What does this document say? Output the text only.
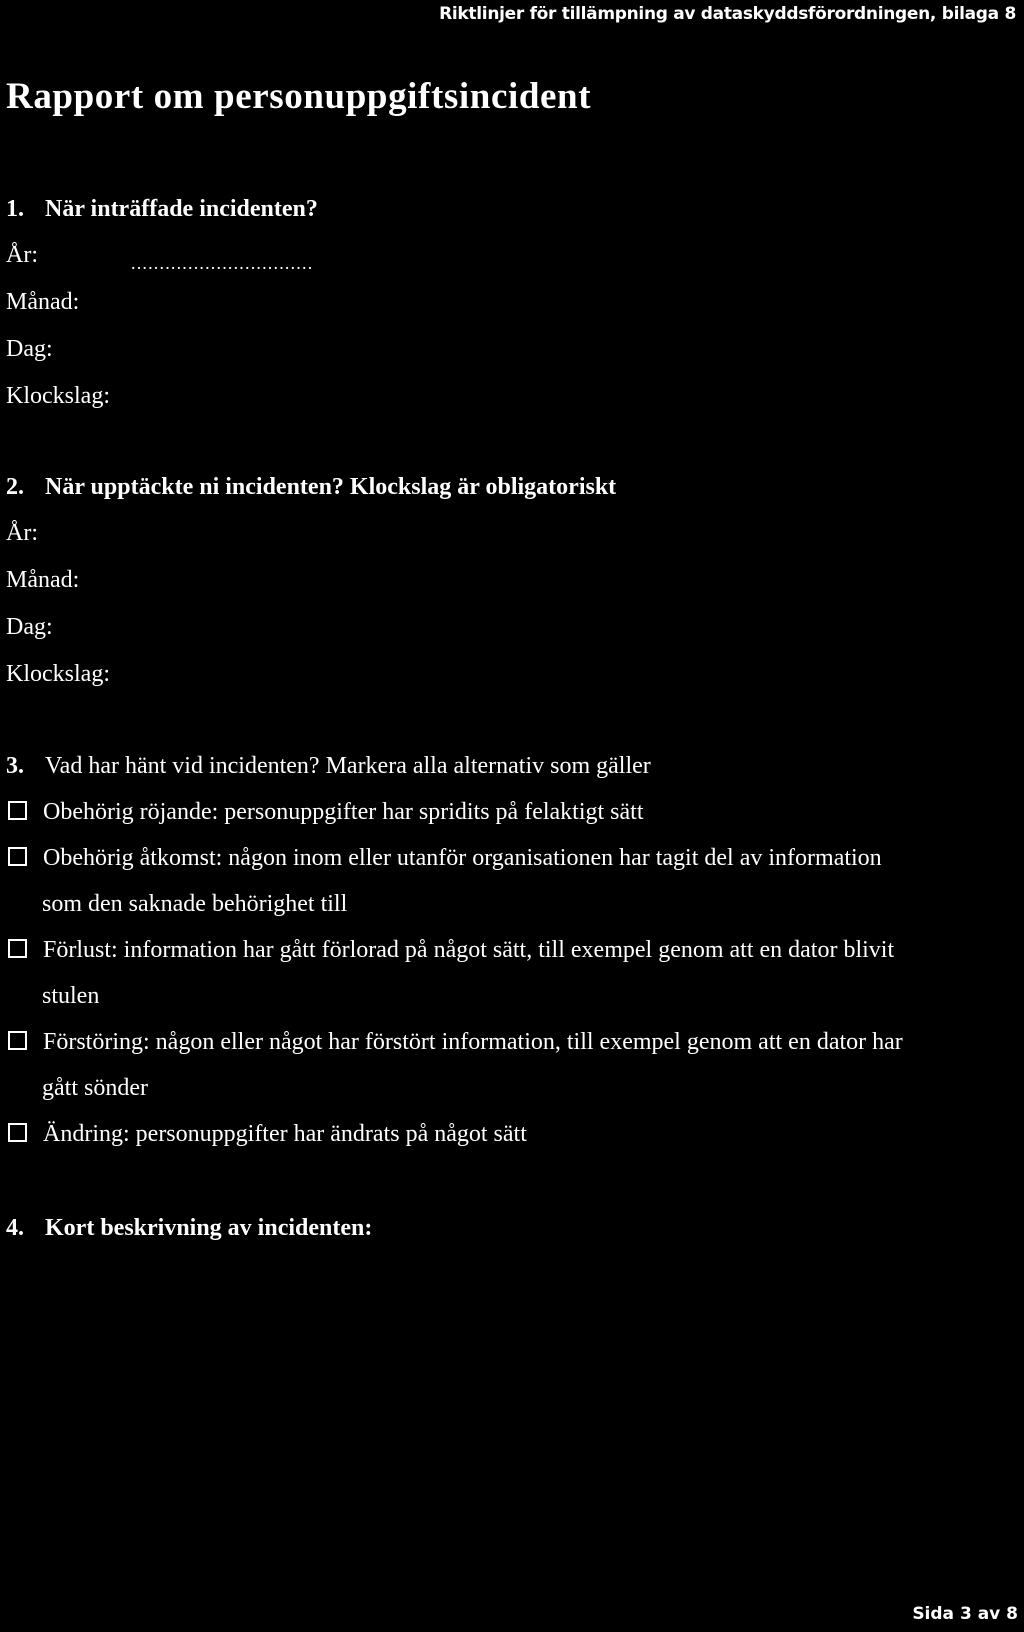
Riktlinjer för tillämpning av dataskyddsförordningen, bilaga 8
Rapport om personuppgiftsincident
1. När inträffade incidenten?
År:	................................
Månad:
Dag:
Klockslag:
2. När upptäckte ni incidenten? Klockslag är obligatoriskt
År:
Månad:
Dag:
Klockslag:
3. Vad har hänt vid incidenten? Markera alla alternativ som gäller
Obehörig röjande: personuppgifter har spridits på felaktigt sätt
Obehörig åtkomst: någon inom eller utanför organisationen har tagit del av information
som den saknade behörighet till
Förlust: information har gått förlorad på något sätt, till exempel genom att en dator blivit
stulen
Förstöring: någon eller något har förstört information, till exempel genom att en dator har
gått sönder
Ändring: personuppgifter har ändrats på något sätt
4. Kort beskrivning av incidenten:
Sida 3 av 8
